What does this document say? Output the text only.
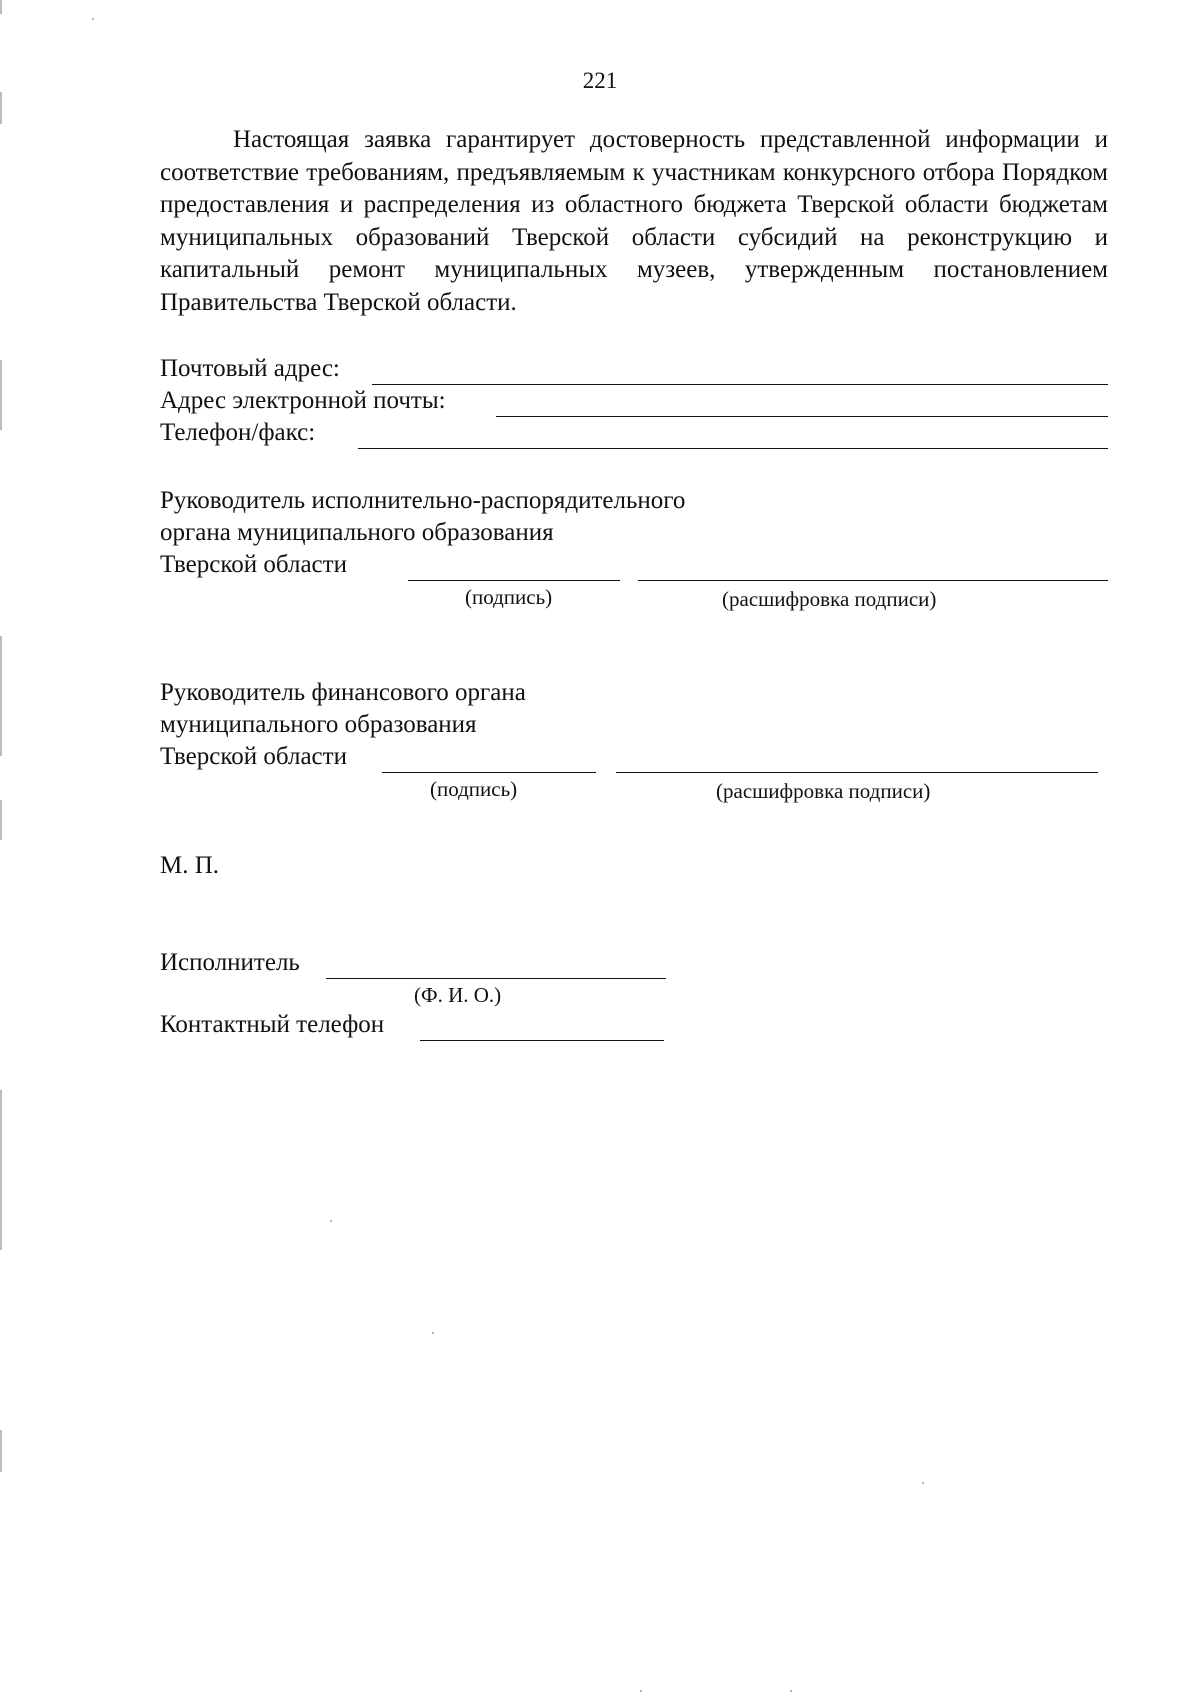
221

Настоящая заявка гарантирует достоверность представленной информации и соответствие требованиям, предъявляемым к участникам конкурсного отбора Порядком предоставления и распределения из областного бюджета Тверской области бюджетам муниципальных образований Тверской области субсидий на реконструкцию и капитальный ремонт муниципальных музеев, утвержденным постановлением Правительства Тверской области.

Почтовый адрес:
Адрес электронной почты:
Телефон/факс:
Руководитель исполнительно-распорядительного
органа муниципального образования
Тверской области
(подпись)	(расшифровка подписи)
Руководитель финансового органа
муниципального образования
Тверской области
(подпись)	(расшифровка подписи)
М. П.
Исполнитель
(Ф. И. О.)
Контактный телефон
